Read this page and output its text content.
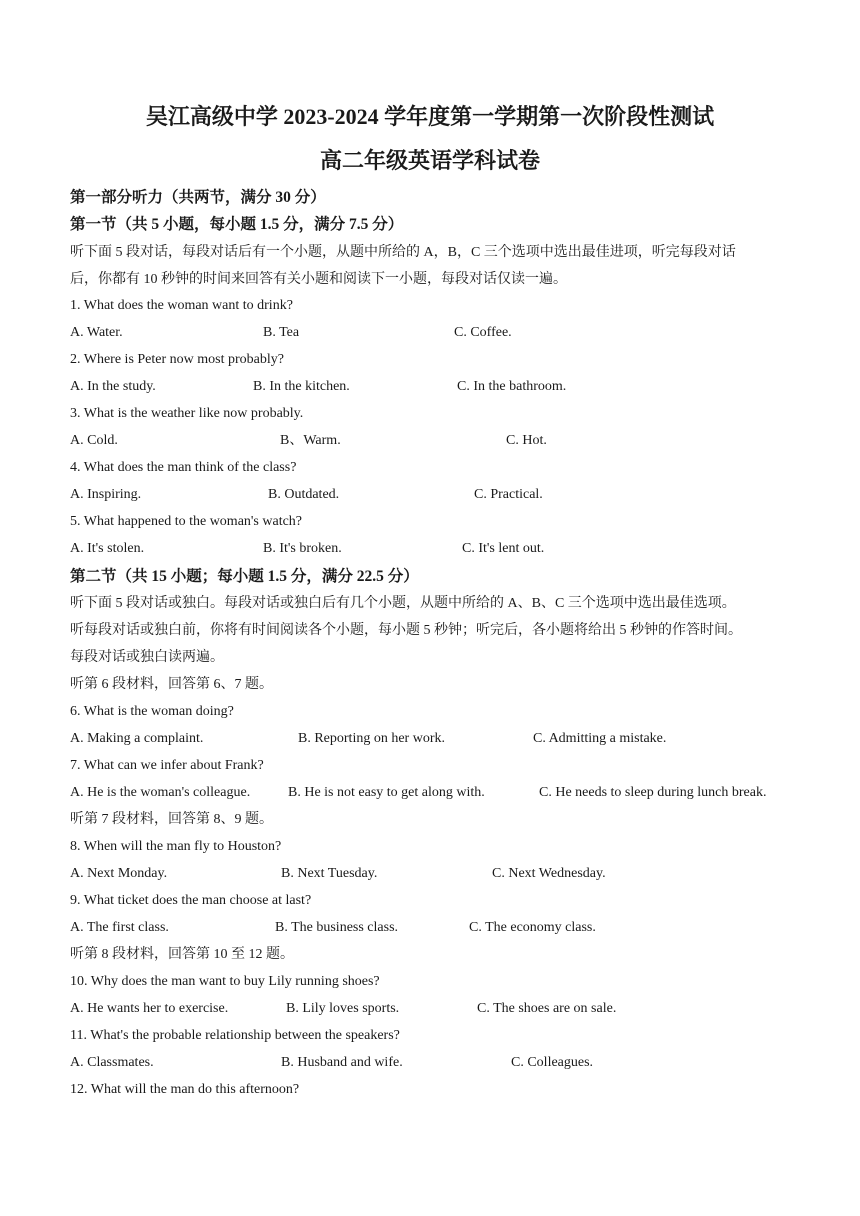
吴江高级中学 2023-2024 学年度第一学期第一次阶段性测试
高二年级英语学科试卷
第一部分听力（共两节，满分 30 分）
第一节（共 5 小题，每小题 1.5 分，满分 7.5 分）
听下面 5 段对话，每段对话后有一个小题，从题中所给的 A，B，C 三个选项中选出最佳进项，听完每段对话
后，你都有 10 秒钟的时间来回答有关小题和阅读下一小题，每段对话仅读一遍。
1. What does the woman want to drink?
A. Water.	B. Tea	C. Coffee.
2. Where is Peter now most probably?
A. In the study.	B. In the kitchen.	C. In the bathroom.
3. What is the weather like now probably.
A. Cold.	B、Warm.	C. Hot.
4. What does the man think of the class?
A. Inspiring.	B. Outdated.	C. Practical.
5. What happened to the woman's watch?
A. It's stolen.	B. It's broken.	C. It's lent out.
第二节（共 15 小题；每小题 1.5 分，满分 22.5 分）
听下面 5 段对话或独白。每段对话或独白后有几个小题，从题中所给的 A、B、C 三个选项中选出最佳选项。
听每段对话或独白前，你将有时间阅读各个小题，每小题 5 秒钟；听完后，各小题将给出 5 秒钟的作答时间。
每段对话或独白读两遍。
听第 6 段材料，回答第 6、7 题。
6. What is the woman doing?
A. Making a complaint.	B. Reporting on her work.	C. Admitting a mistake.
7. What can we infer about Frank?
A. He is the woman's colleague.	B. He is not easy to get along with.	C. He needs to sleep during lunch break.
听第 7 段材料，回答第 8、9 题。
8. When will the man fly to Houston?
A. Next Monday.	B. Next Tuesday.	C. Next Wednesday.
9. What ticket does the man choose at last?
A. The first class.	B. The business class.	C. The economy class.
听第 8 段材料，回答第 10 至 12 题。
10. Why does the man want to buy Lily running shoes?
A. He wants her to exercise.	B. Lily loves sports.	C. The shoes are on sale.
11. What's the probable relationship between the speakers?
A. Classmates.	B. Husband and wife.	C. Colleagues.
12. What will the man do this afternoon?
